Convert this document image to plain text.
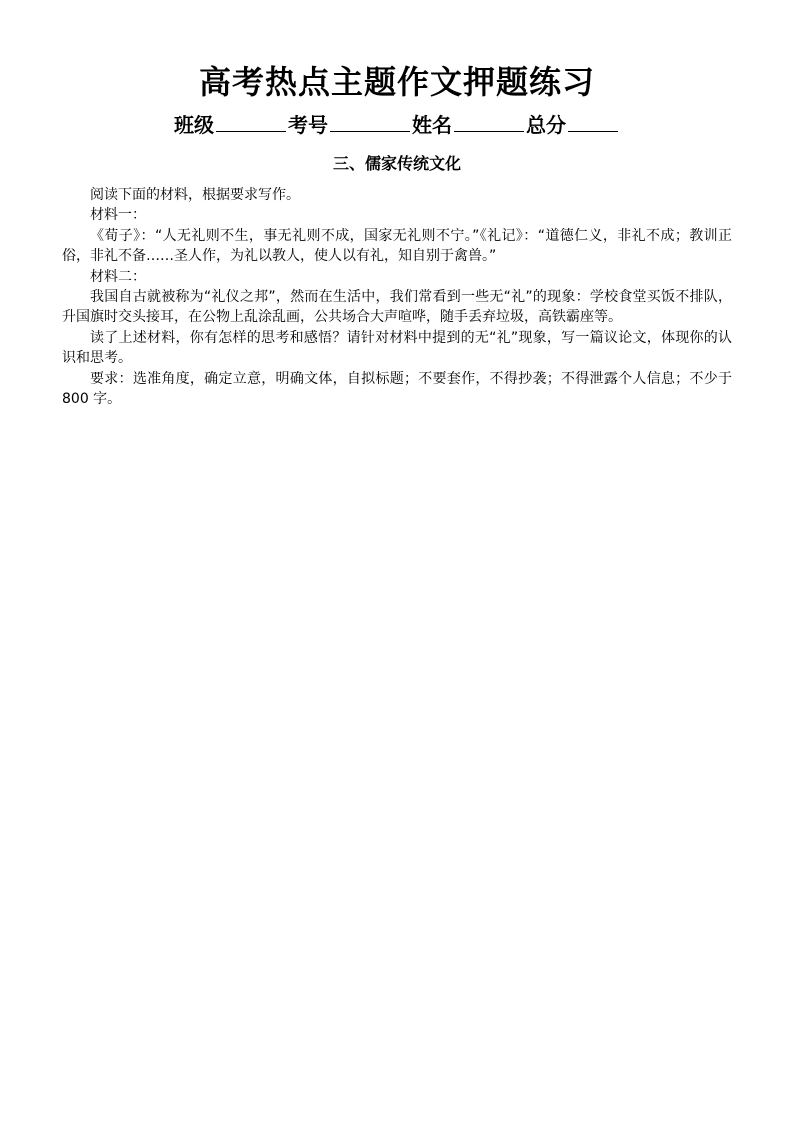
高考热点主题作文押题练习
班级	考号	姓名	总分
三、儒家传统文化

阅读下面的材料，根据要求写作。

材料一：

《荀子》：“人无礼则不生，事无礼则不成，国家无礼则不宁。”《礼记》：“道德仁义，非礼不成；教训正俗，非礼不备……圣人作，为礼以教人，使人以有礼，知自别于禽兽。”

材料二：

我国自古就被称为“礼仪之邦”，然而在生活中，我们常看到一些无“礼”的现象：学校食堂买饭不排队，升国旗时交头接耳，在公物上乱涂乱画，公共场合大声喧哗，随手丢弃垃圾，高铁霸座等。

读了上述材料，你有怎样的思考和感悟？请针对材料中提到的无“礼”现象，写一篇议论文，体现你的认识和思考。

要求：选准角度，确定立意，明确文体，自拟标题；不要套作，不得抄袭；不得泄露个人信息；不少于 800 字。
